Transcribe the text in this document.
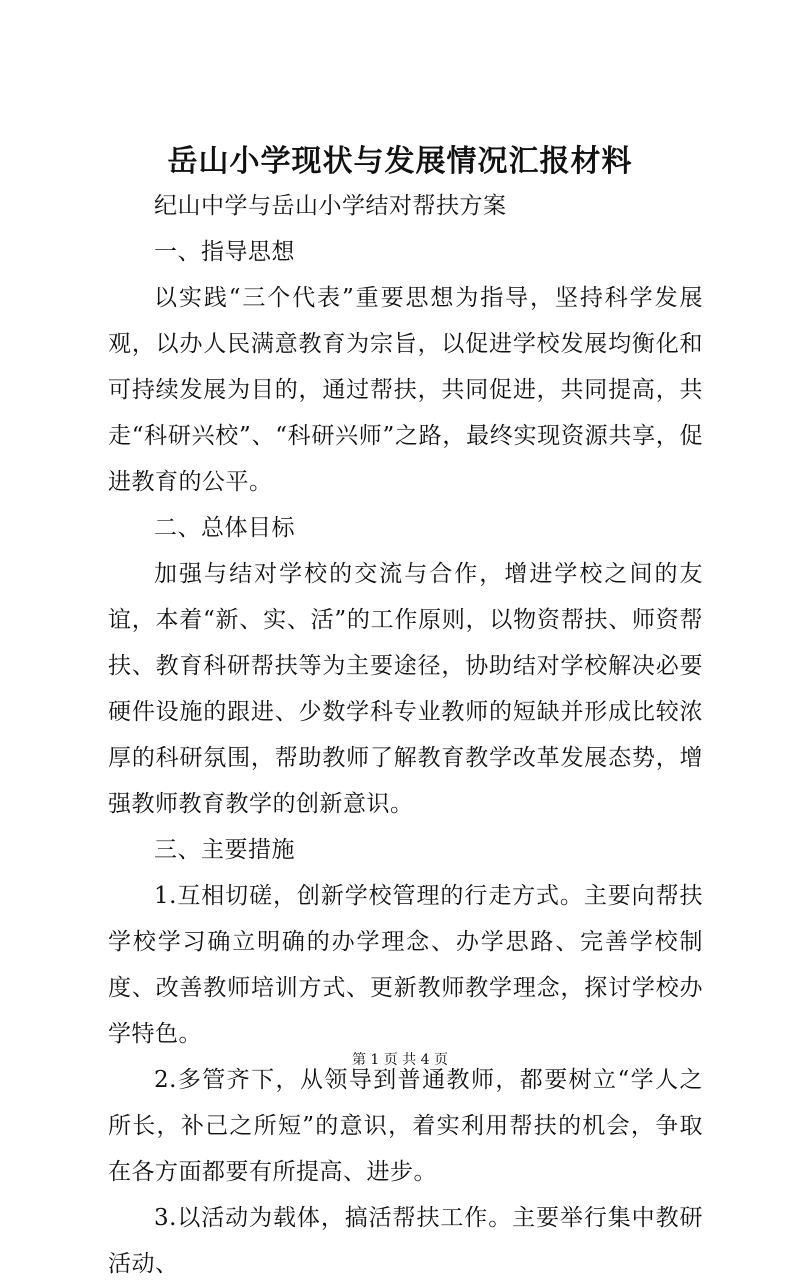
岳山小学现状与发展情况汇报材料

纪山中学与岳山小学结对帮扶方案

一、指导思想

以实践“三个代表”重要思想为指导，坚持科学发展观，以办人民满意教育为宗旨，以促进学校发展均衡化和可持续发展为目的，通过帮扶，共同促进，共同提高，共走“科研兴校”、“科研兴师”之路，最终实现资源共享，促进教育的公平。

二、总体目标

加强与结对学校的交流与合作，增进学校之间的友谊，本着“新、实、活”的工作原则，以物资帮扶、师资帮扶、教育科研帮扶等为主要途径，协助结对学校解决必要硬件设施的跟进、少数学科专业教师的短缺并形成比较浓厚的科研氛围，帮助教师了解教育教学改革发展态势，增强教师教育教学的创新意识。

三、主要措施

1.互相切磋，创新学校管理的行走方式。主要向帮扶学校学习确立明确的办学理念、办学思路、完善学校制度、改善教师培训方式、更新教师教学理念，探讨学校办学特色。

2.多管齐下，从领导到普通教师，都要树立“学人之所长，补己之所短”的意识，着实利用帮扶的机会，争取在各方面都要有所提高、进步。

3.以活动为载体，搞活帮扶工作。主要举行集中教研活动、

第 1 页 共 4 页
